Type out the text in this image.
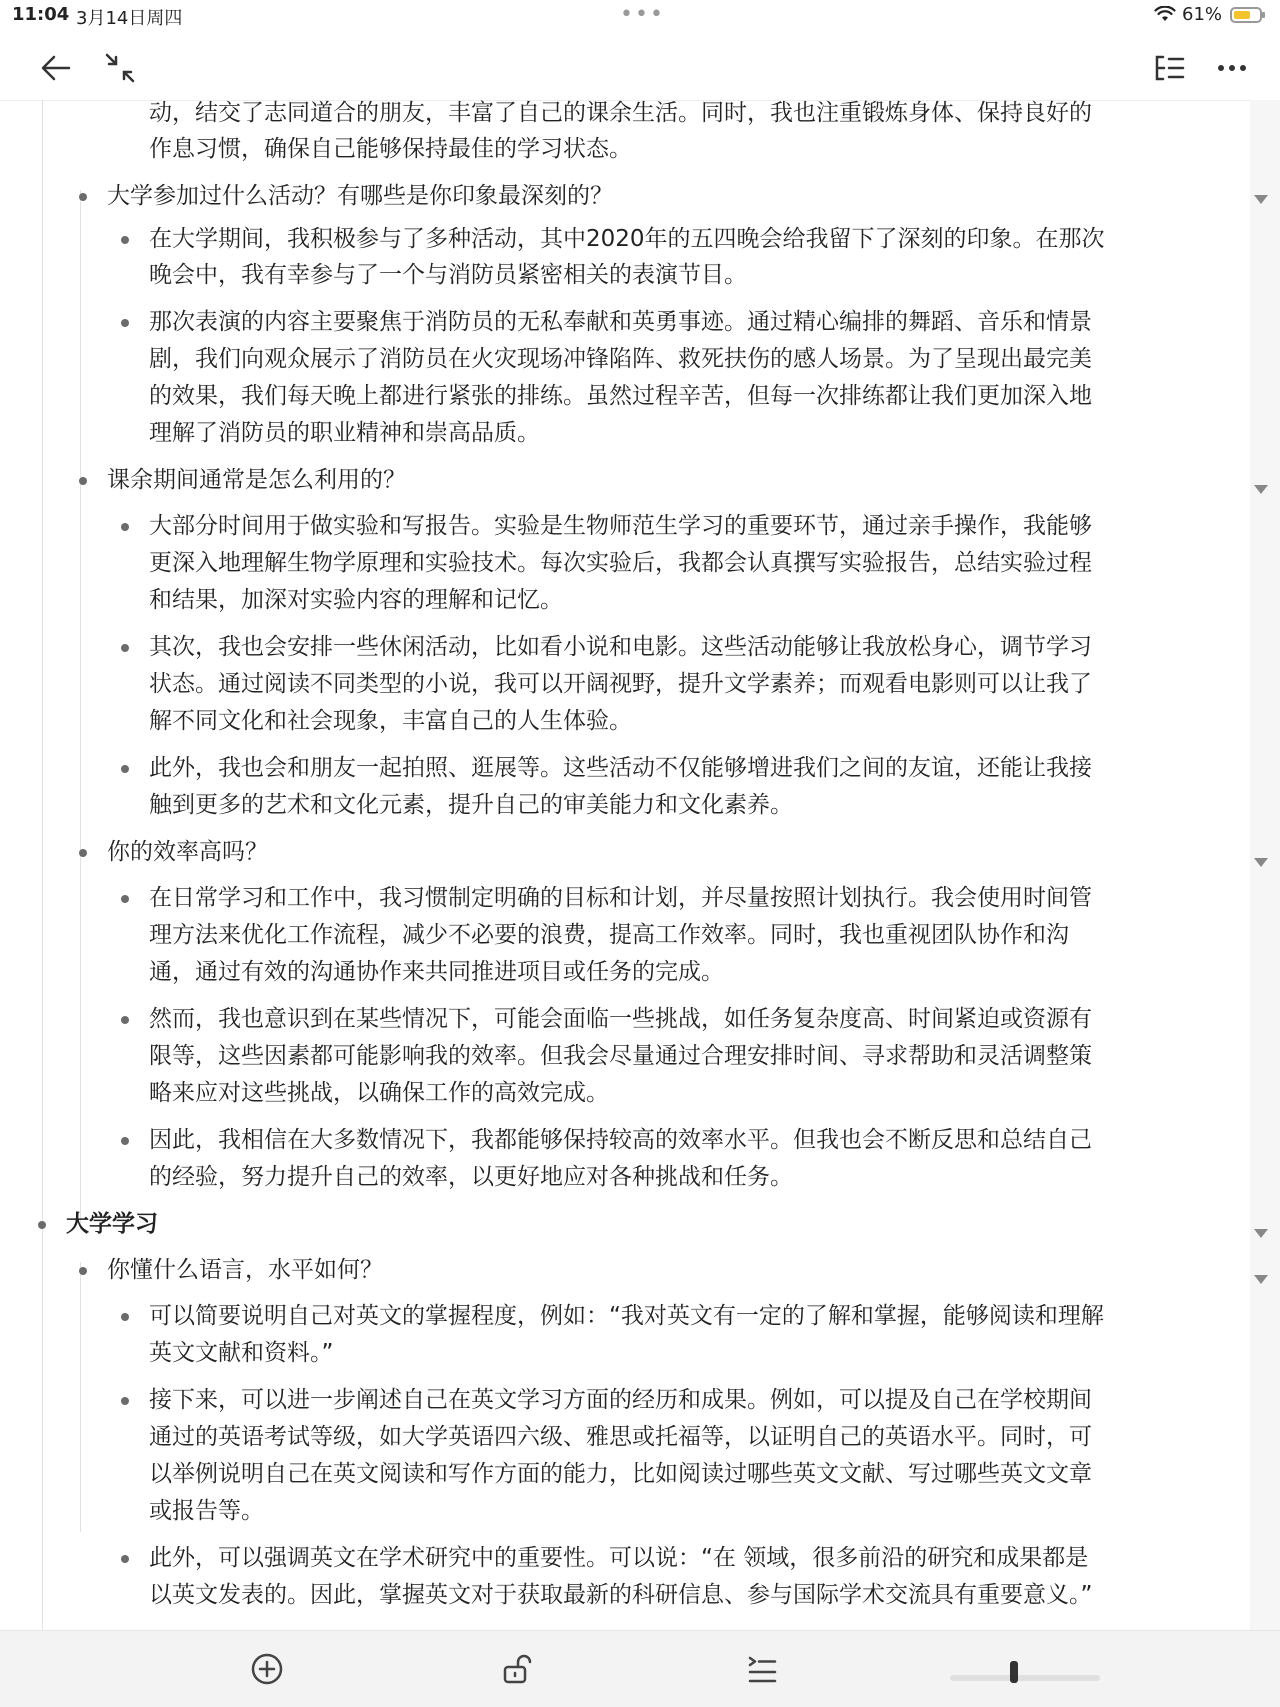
11:04 3月14日周四	•••	61%
动，结交了志同道合的朋友，丰富了自己的课余生活。同时，我也注重锻炼身体、保持良好的
作息习惯，确保自己能够保持最佳的学习状态。
大学参加过什么活动？有哪些是你印象最深刻的？
在大学期间，我积极参与了多种活动，其中2020年的五四晚会给我留下了深刻的印象。在那次
晚会中，我有幸参与了一个与消防员紧密相关的表演节目。
那次表演的内容主要聚焦于消防员的无私奉献和英勇事迹。通过精心编排的舞蹈、音乐和情景
剧，我们向观众展示了消防员在火灾现场冲锋陷阵、救死扶伤的感人场景。为了呈现出最完美
的效果，我们每天晚上都进行紧张的排练。虽然过程辛苦，但每一次排练都让我们更加深入地
理解了消防员的职业精神和崇高品质。
课余期间通常是怎么利用的？
大部分时间用于做实验和写报告。实验是生物师范生学习的重要环节，通过亲手操作，我能够
更深入地理解生物学原理和实验技术。每次实验后，我都会认真撰写实验报告，总结实验过程
和结果，加深对实验内容的理解和记忆。
其次，我也会安排一些休闲活动，比如看小说和电影。这些活动能够让我放松身心，调节学习
状态。通过阅读不同类型的小说，我可以开阔视野，提升文学素养；而观看电影则可以让我了
解不同文化和社会现象，丰富自己的人生体验。
此外，我也会和朋友一起拍照、逛展等。这些活动不仅能够增进我们之间的友谊，还能让我接
触到更多的艺术和文化元素，提升自己的审美能力和文化素养。
你的效率高吗？
在日常学习和工作中，我习惯制定明确的目标和计划，并尽量按照计划执行。我会使用时间管
理方法来优化工作流程，减少不必要的浪费，提高工作效率。同时，我也重视团队协作和沟
通，通过有效的沟通协作来共同推进项目或任务的完成。
然而，我也意识到在某些情况下，可能会面临一些挑战，如任务复杂度高、时间紧迫或资源有
限等，这些因素都可能影响我的效率。但我会尽量通过合理安排时间、寻求帮助和灵活调整策
略来应对这些挑战，以确保工作的高效完成。
因此，我相信在大多数情况下，我都能够保持较高的效率水平。但我也会不断反思和总结自己
的经验，努力提升自己的效率，以更好地应对各种挑战和任务。
大学学习
你懂什么语言，水平如何？
可以简要说明自己对英文的掌握程度，例如：“我对英文有一定的了解和掌握，能够阅读和理解
英文文献和资料。”
接下来，可以进一步阐述自己在英文学习方面的经历和成果。例如，可以提及自己在学校期间
通过的英语考试等级，如大学英语四六级、雅思或托福等，以证明自己的英语水平。同时，可
以举例说明自己在英文阅读和写作方面的能力，比如阅读过哪些英文文献、写过哪些英文文章
或报告等。
此外，可以强调英文在学术研究中的重要性。可以说：“在 领域，很多前沿的研究和成果都是
以英文发表的。因此，掌握英文对于获取最新的科研信息、参与国际学术交流具有重要意义。”
